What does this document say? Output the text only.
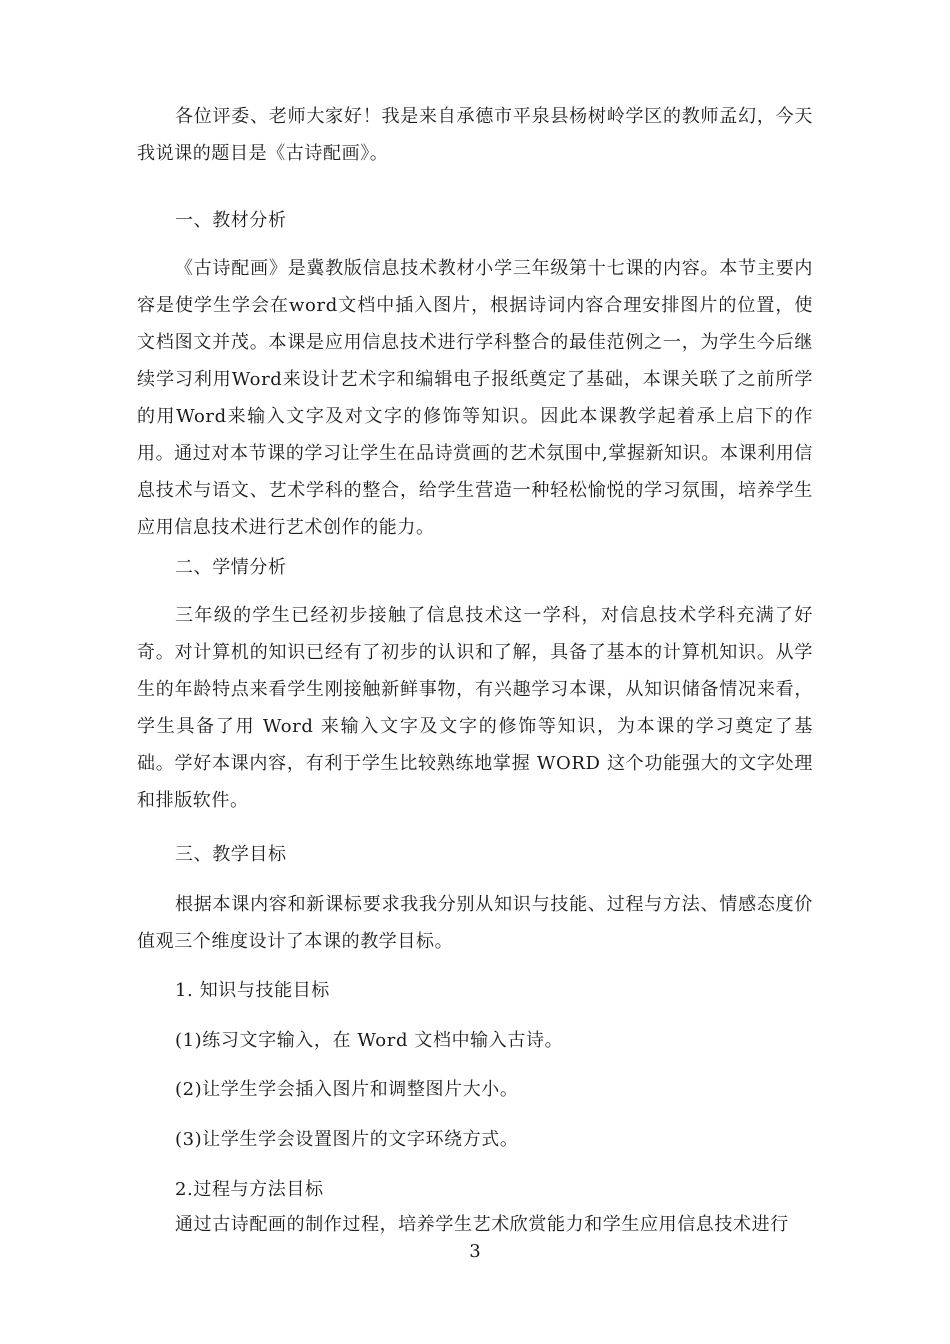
各位评委、老师大家好！我是来自承德市平泉县杨树岭学区的教师孟幻，今天我说课的题目是《古诗配画》。

一、教材分析

《古诗配画》是冀教版信息技术教材小学三年级第十七课的内容。本节主要内容是使学生学会在word文档中插入图片，根据诗词内容合理安排图片的位置，使文档图文并茂。本课是应用信息技术进行学科整合的最佳范例之一，为学生今后继续学习利用Word来设计艺术字和编辑电子报纸奠定了基础，本课关联了之前所学的用Word来输入文字及对文字的修饰等知识。因此本课教学起着承上启下的作用。通过对本节课的学习让学生在品诗赏画的艺术氛围中,掌握新知识。本课利用信息技术与语文、艺术学科的整合，给学生营造一种轻松愉悦的学习氛围，培养学生应用信息技术进行艺术创作的能力。

二、学情分析

三年级的学生已经初步接触了信息技术这一学科，对信息技术学科充满了好奇。对计算机的知识已经有了初步的认识和了解，具备了基本的计算机知识。从学生的年龄特点来看学生刚接触新鲜事物，有兴趣学习本课，从知识储备情况来看，学生具备了用 Word 来输入文字及文字的修饰等知识，为本课的学习奠定了基础。学好本课内容，有利于学生比较熟练地掌握 WORD 这个功能强大的文字处理和排版软件。

三、教学目标

根据本课内容和新课标要求我我分别从知识与技能、过程与方法、情感态度价值观三个维度设计了本课的教学目标。

1. 知识与技能目标
(1)练习文字输入，在 Word 文档中输入古诗。
(2)让学生学会插入图片和调整图片大小。
(3)让学生学会设置图片的文字环绕方式。
2.过程与方法目标
通过古诗配画的制作过程，培养学生艺术欣赏能力和学生应用信息技术进行
3
